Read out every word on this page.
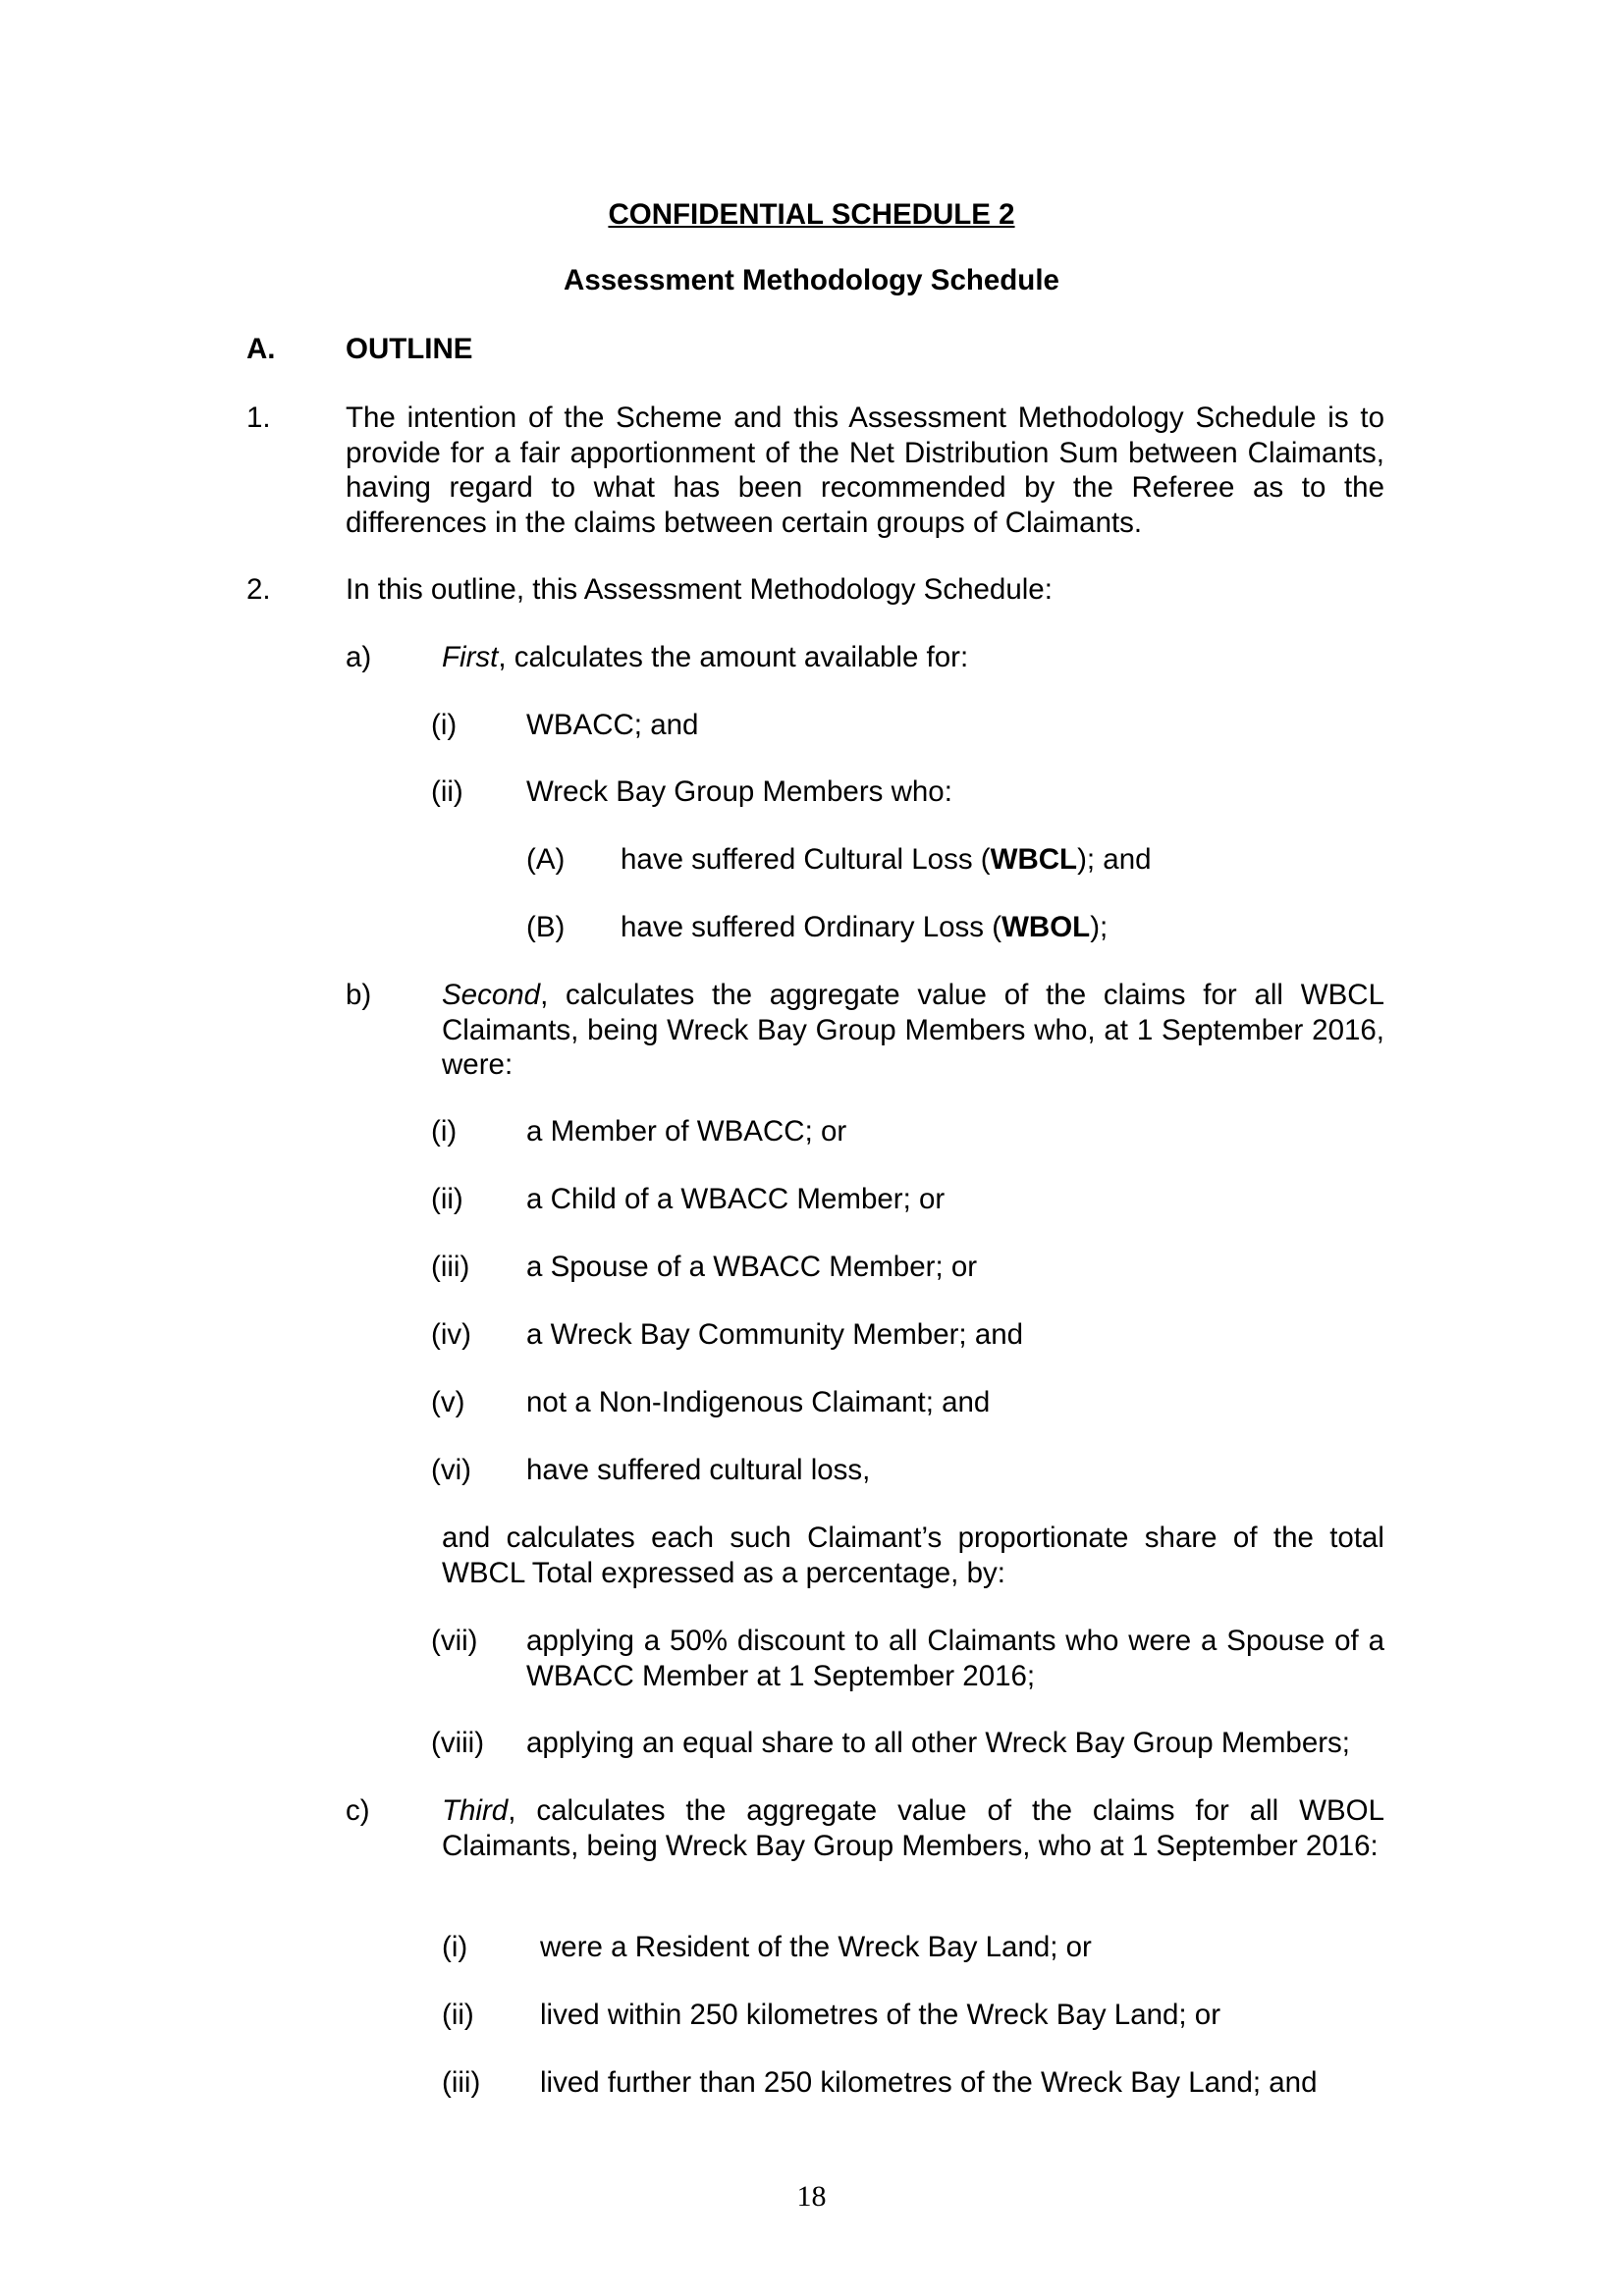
CONFIDENTIAL SCHEDULE 2
Assessment Methodology Schedule
A. OUTLINE
1.	The intention of the Scheme and this Assessment Methodology Schedule is to provide for a fair apportionment of the Net Distribution Sum between Claimants, having regard to what has been recommended by the Referee as to the differences in the claims between certain groups of Claimants.
2.	In this outline, this Assessment Methodology Schedule:
a) First, calculates the amount available for:
(i) WBACC; and
(ii) Wreck Bay Group Members who:
(A) have suffered Cultural Loss (WBCL); and
(B) have suffered Ordinary Loss (WBOL);
b) Second, calculates the aggregate value of the claims for all WBCL Claimants, being Wreck Bay Group Members who, at 1 September 2016, were:
(i) a Member of WBACC; or
(ii) a Child of a WBACC Member; or
(iii) a Spouse of a WBACC Member; or
(iv) a Wreck Bay Community Member; and
(v) not a Non-Indigenous Claimant; and
(vi) have suffered cultural loss,
and calculates each such Claimant’s proportionate share of the total WBCL Total expressed as a percentage, by:
(vii) applying a 50% discount to all Claimants who were a Spouse of a WBACC Member at 1 September 2016;
(viii) applying an equal share to all other Wreck Bay Group Members;
c) Third, calculates the aggregate value of the claims for all WBOL Claimants, being Wreck Bay Group Members, who at 1 September 2016:
(i)	were a Resident of the Wreck Bay Land; or
(ii) lived within 250 kilometres of the Wreck Bay Land; or
(iii) lived further than 250 kilometres of the Wreck Bay Land; and
18
